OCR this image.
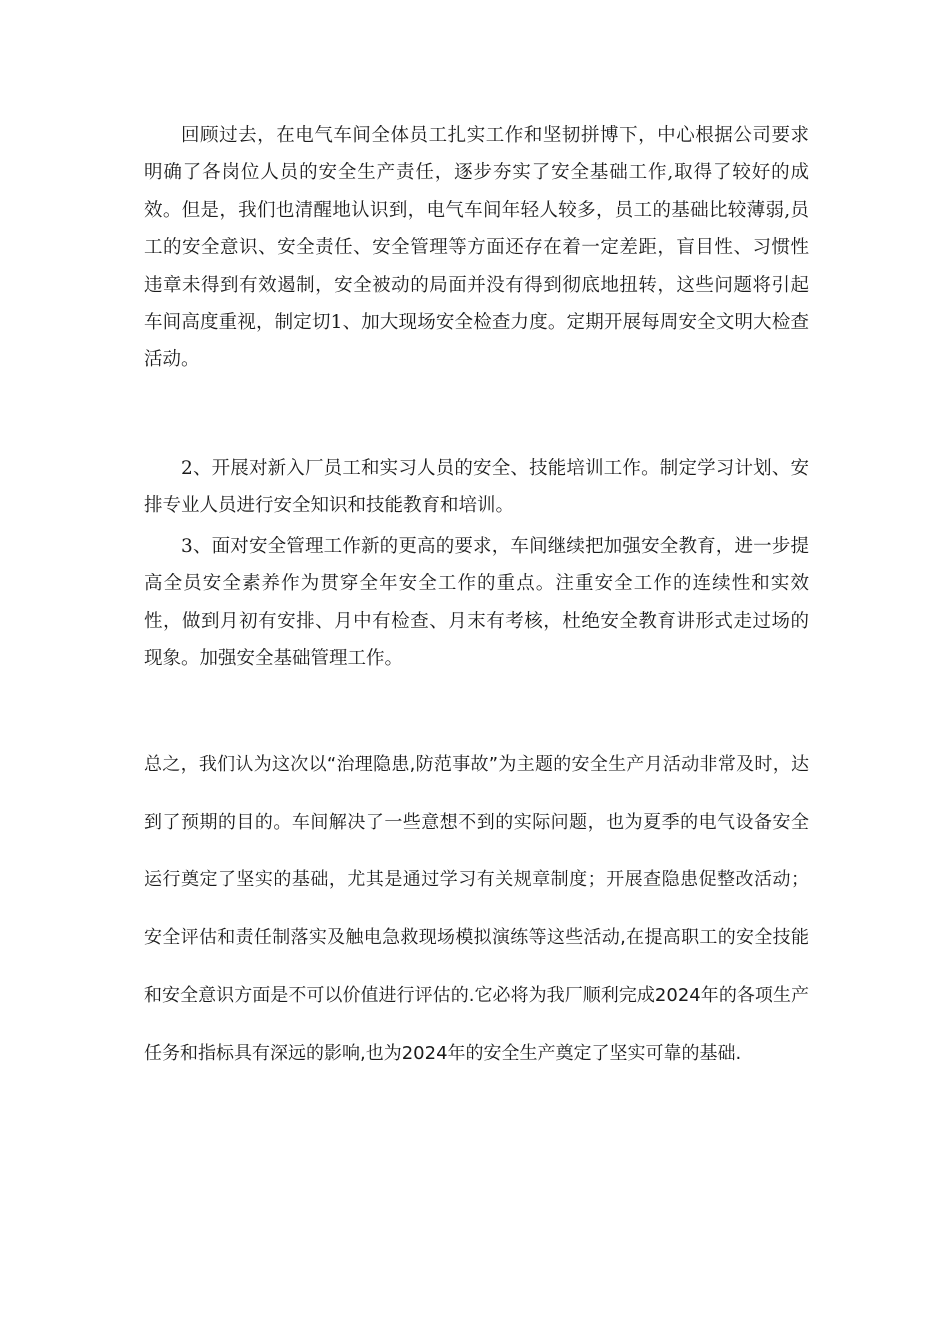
回顾过去，在电气车间全体员工扎实工作和坚韧拼博下，中心根据公司要求明确了各岗位人员的安全生产责任，逐步夯实了安全基础工作,取得了较好的成效。但是，我们也清醒地认识到，电气车间年轻人较多，员工的基础比较薄弱,员工的安全意识、安全责任、安全管理等方面还存在着一定差距，盲目性、习惯性违章未得到有效遏制，安全被动的局面并没有得到彻底地扭转，这些问题将引起车间高度重视，制定切1、加大现场安全检查力度。定期开展每周安全文明大检查活动。

2、开展对新入厂员工和实习人员的安全、技能培训工作。制定学习计划、安排专业人员进行安全知识和技能教育和培训。

3、面对安全管理工作新的更高的要求，车间继续把加强安全教育，进一步提高全员安全素养作为贯穿全年安全工作的重点。注重安全工作的连续性和实效性，做到月初有安排、月中有检查、月末有考核，杜绝安全教育讲形式走过场的现象。加强安全基础管理工作。

总之，我们认为这次以“治理隐患,防范事故”为主题的安全生产月活动非常及时，达到了预期的目的。车间解决了一些意想不到的实际问题，也为夏季的电气设备安全运行奠定了坚实的基础，尤其是通过学习有关规章制度；开展查隐患促整改活动；安全评估和责任制落实及触电急救现场模拟演练等这些活动,在提高职工的安全技能和安全意识方面是不可以价值进行评估的.它必将为我厂顺利完成2024年的各项生产任务和指标具有深远的影响,也为2024年的安全生产奠定了坚实可靠的基础.
